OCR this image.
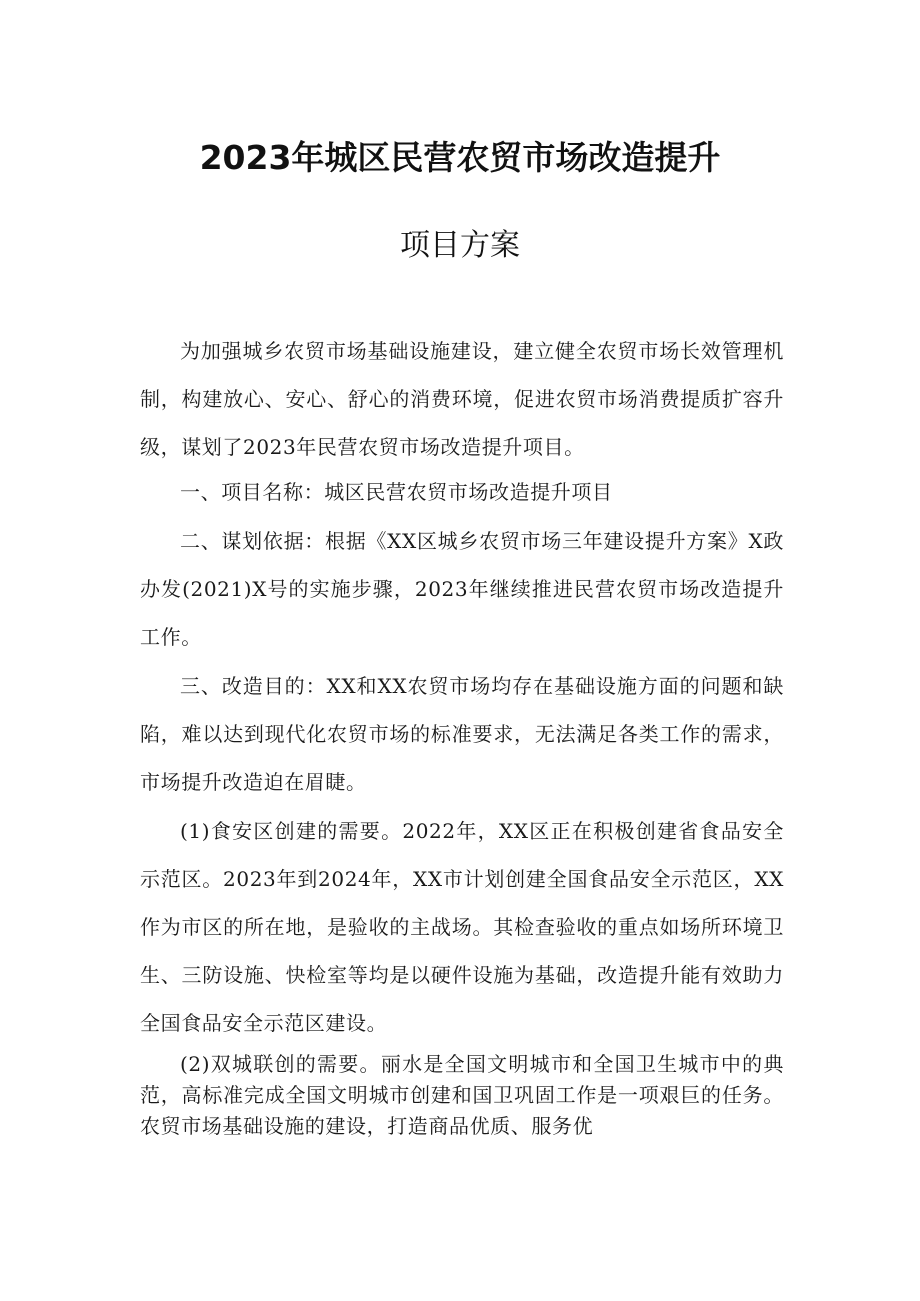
2023年城区民营农贸市场改造提升
项目方案

为加强城乡农贸市场基础设施建设，建立健全农贸市场长效管理机制，构建放心、安心、舒心的消费环境，促进农贸市场消费提质扩容升级，谋划了2023年民营农贸市场改造提升项目。

一、项目名称：城区民营农贸市场改造提升项目

二、谋划依据：根据《XX区城乡农贸市场三年建设提升方案》X政办发(2021)X号的实施步骤，2023年继续推进民营农贸市场改造提升工作。

三、改造目的：XX和XX农贸市场均存在基础设施方面的问题和缺陷，难以达到现代化农贸市场的标准要求，无法满足各类工作的需求，市场提升改造迫在眉睫。

(1)食安区创建的需要。2022年，XX区正在积极创建省食品安全示范区。2023年到2024年，XX市计划创建全国食品安全示范区，XX作为市区的所在地，是验收的主战场。其检查验收的重点如场所环境卫生、三防设施、快检室等均是以硬件设施为基础，改造提升能有效助力全国食品安全示范区建设。

(2)双城联创的需要。丽水是全国文明城市和全国卫生城市中的典范，高标准完成全国文明城市创建和国卫巩固工作是一项艰巨的任务。农贸市场基础设施的建设，打造商品优质、服务优
